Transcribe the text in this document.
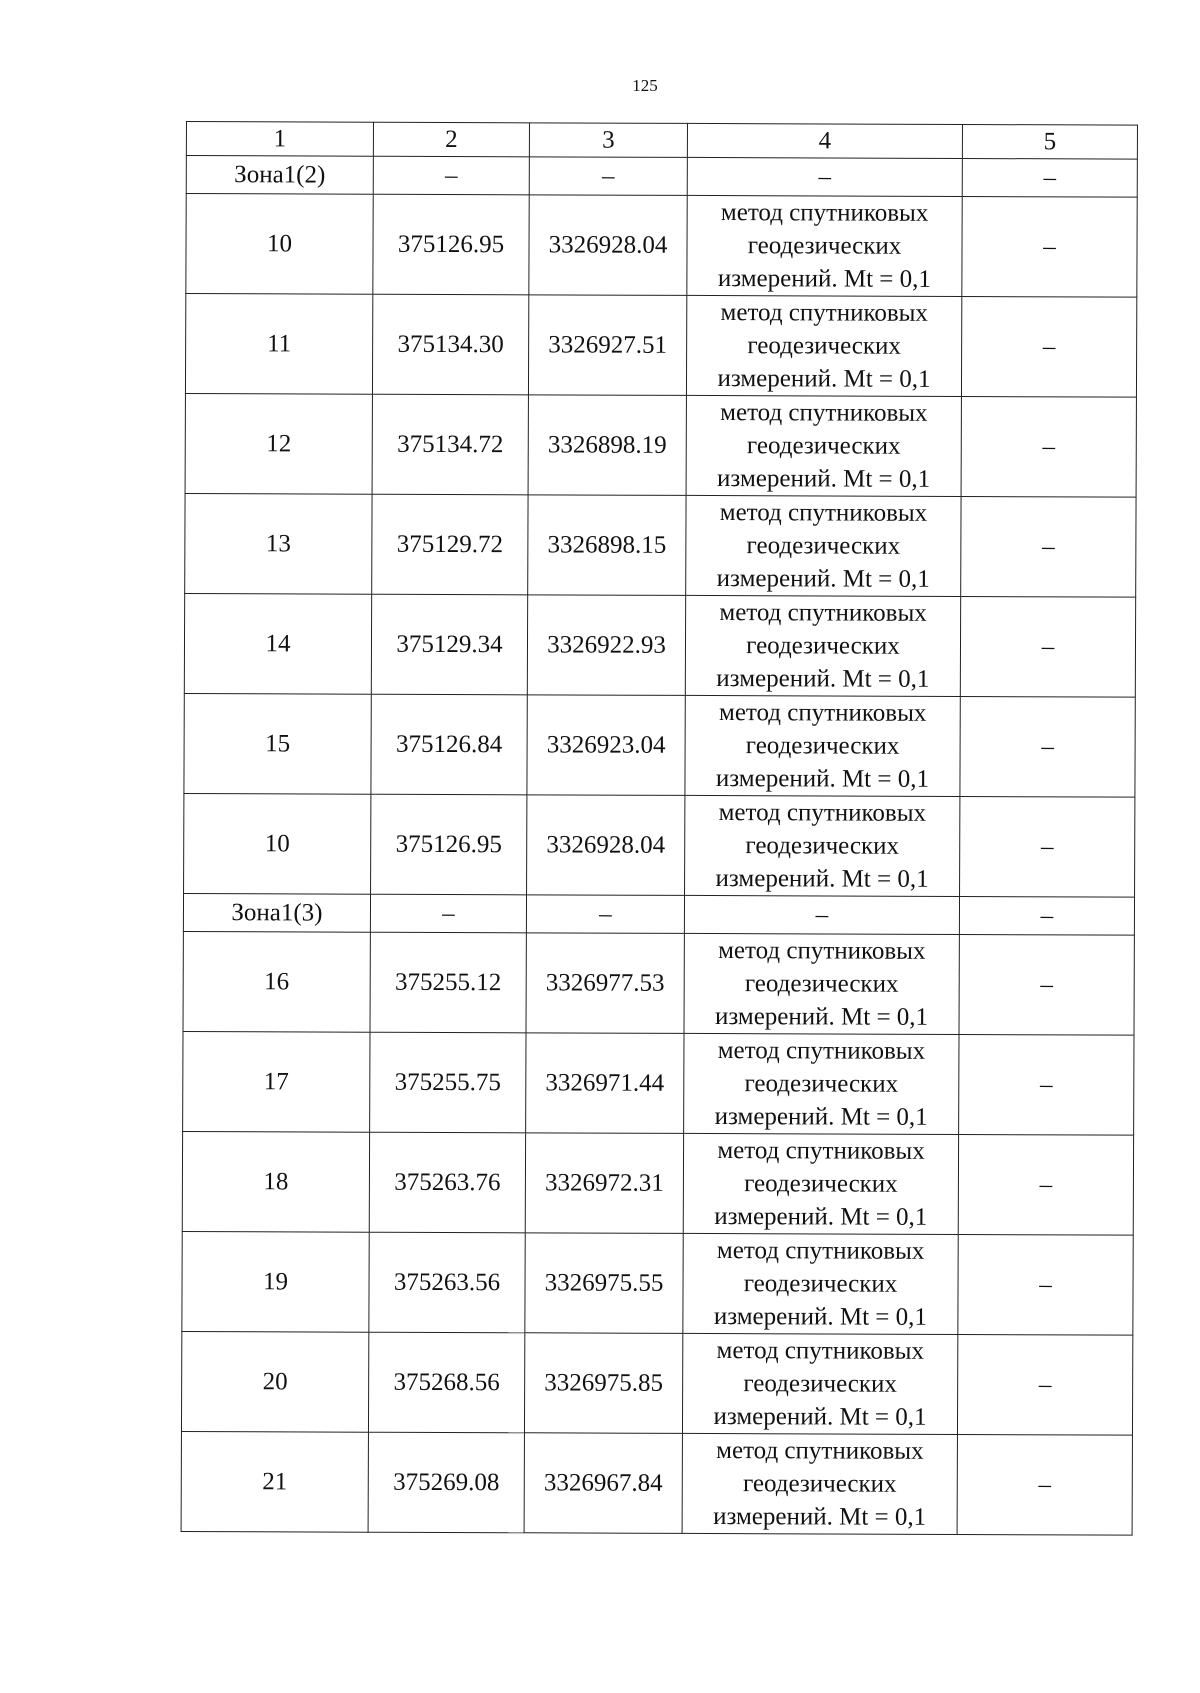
125
1	2	3	4	5
Зона1(2)	–	–	–	–
10	375126.95	3326928.04	метод спутниковых
геодезических
измерений. Mt = 0,1	–
11	375134.30	3326927.51	метод спутниковых
геодезических
измерений. Mt = 0,1	–
12	375134.72	3326898.19	метод спутниковых
геодезических
измерений. Mt = 0,1	–
13	375129.72	3326898.15	метод спутниковых
геодезических
измерений. Mt = 0,1	–
14	375129.34	3326922.93	метод спутниковых
геодезических
измерений. Mt = 0,1	–
15	375126.84	3326923.04	метод спутниковых
геодезических
измерений. Mt = 0,1	–
10	375126.95	3326928.04	метод спутниковых
геодезических
измерений. Mt = 0,1	–
Зона1(3)	–	–	–	–
16	375255.12	3326977.53	метод спутниковых
геодезических
измерений. Mt = 0,1	–
17	375255.75	3326971.44	метод спутниковых
геодезических
измерений. Mt = 0,1	–
18	375263.76	3326972.31	метод спутниковых
геодезических
измерений. Mt = 0,1	–
19	375263.56	3326975.55	метод спутниковых
геодезических
измерений. Mt = 0,1	–
20	375268.56	3326975.85	метод спутниковых
геодезических
измерений. Mt = 0,1	–
21	375269.08	3326967.84	метод спутниковых
геодезических
измерений. Mt = 0,1	–
